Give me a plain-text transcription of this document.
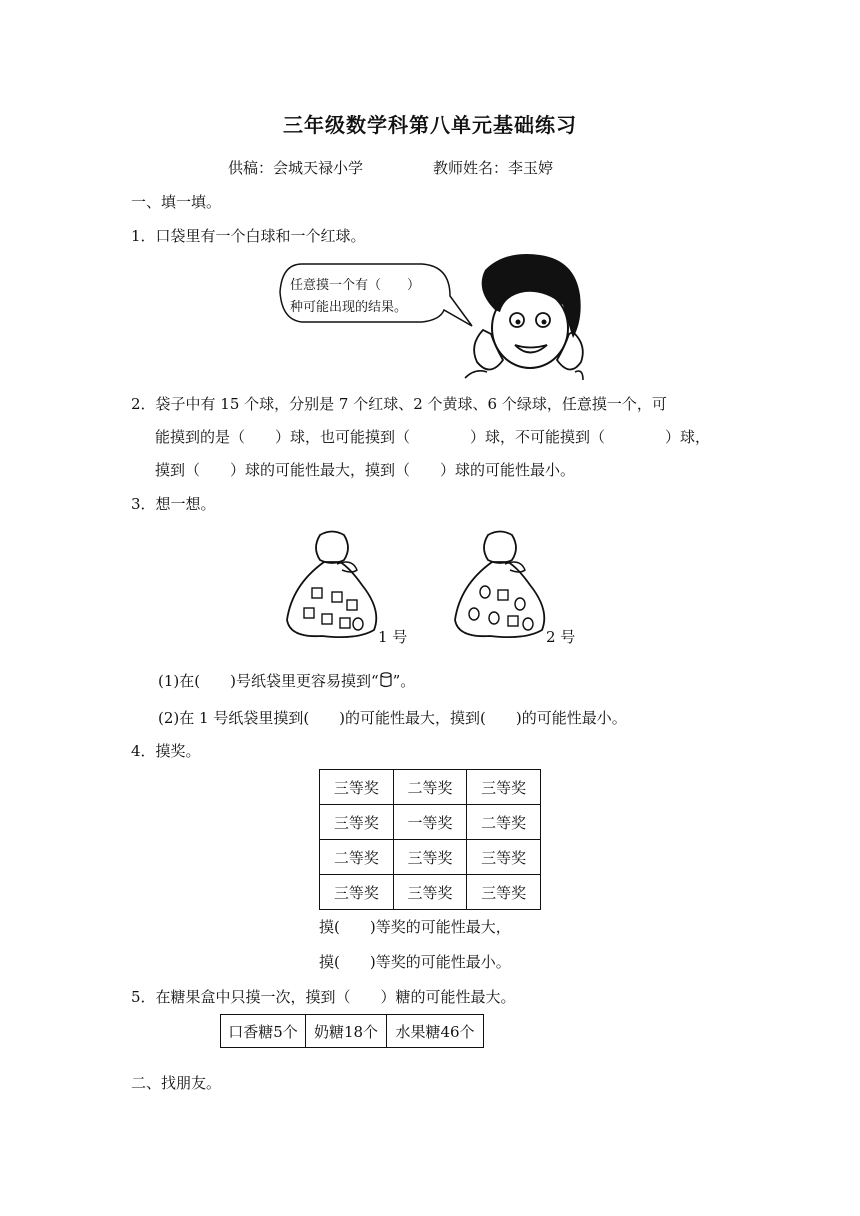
三年级数学科第八单元基础练习
供稿：会城天禄小学	教师姓名：李玉婷
一、填一填。
1．口袋里有一个白球和一个红球。
任意摸一个有（　　）
种可能出现的结果。
2．袋子中有 15 个球，分别是 7 个红球、2 个黄球、6 个绿球，任意摸一个，可
能摸到的是（　　）球，也可能摸到（　　　　）球，不可能摸到（　　　　）球，
摸到（　　）球的可能性最大，摸到（　　）球的可能性最小。
3．想一想。
1 号	2 号
(1)在(　　)号纸袋里更容易摸到“ ”。
(2)在 1 号纸袋里摸到(　　)的可能性最大，摸到(　　)的可能性最小。
4．摸奖。
三等奖	二等奖	三等奖
三等奖	一等奖	二等奖
二等奖	三等奖	三等奖
三等奖	三等奖	三等奖
摸(　　)等奖的可能性最大，
摸(　　)等奖的可能性最小。
5．在糖果盒中只摸一次，摸到（　　）糖的可能性最大。
口香糖5个	奶糖18个	水果糖46个
二、找朋友。
